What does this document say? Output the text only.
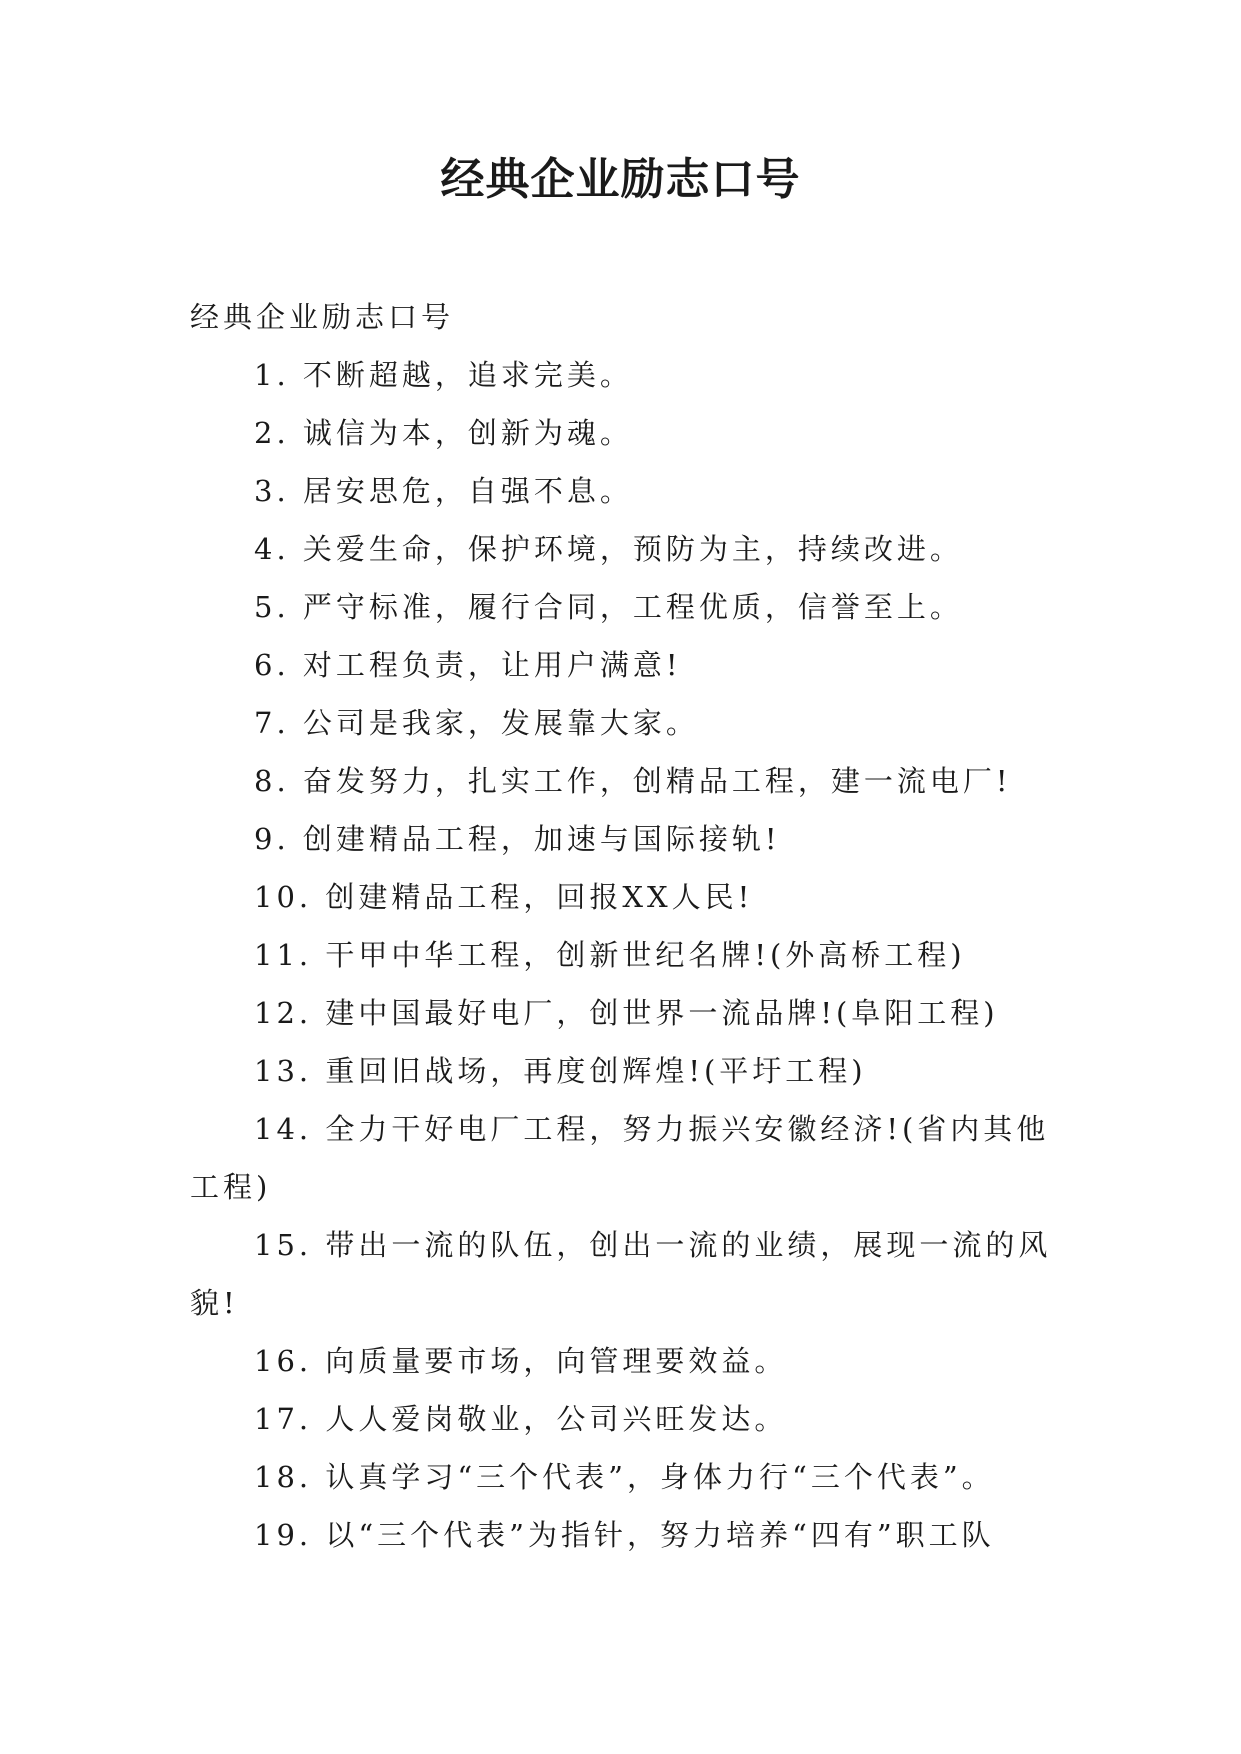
经典企业励志口号

经典企业励志口号

1. 不断超越，追求完美。

2. 诚信为本，创新为魂。

3. 居安思危，自强不息。

4. 关爱生命，保护环境，预防为主，持续改进。

5. 严守标准，履行合同，工程优质，信誉至上。

6. 对工程负责，让用户满意!

7. 公司是我家，发展靠大家。

8. 奋发努力，扎实工作，创精品工程，建一流电厂!

9. 创建精品工程，加速与国际接轨!

10. 创建精品工程，回报XX人民!

11. 干甲中华工程，创新世纪名牌!(外高桥工程)

12. 建中国最好电厂，创世界一流品牌!(阜阳工程)

13. 重回旧战场，再度创辉煌!(平圩工程)

14. 全力干好电厂工程，努力振兴安徽经济!(省内其他工程)

15. 带出一流的队伍，创出一流的业绩，展现一流的风貌!

16. 向质量要市场，向管理要效益。

17. 人人爱岗敬业，公司兴旺发达。

18. 认真学习“三个代表”，身体力行“三个代表”。

19. 以“三个代表”为指针，努力培养“四有”职工队
